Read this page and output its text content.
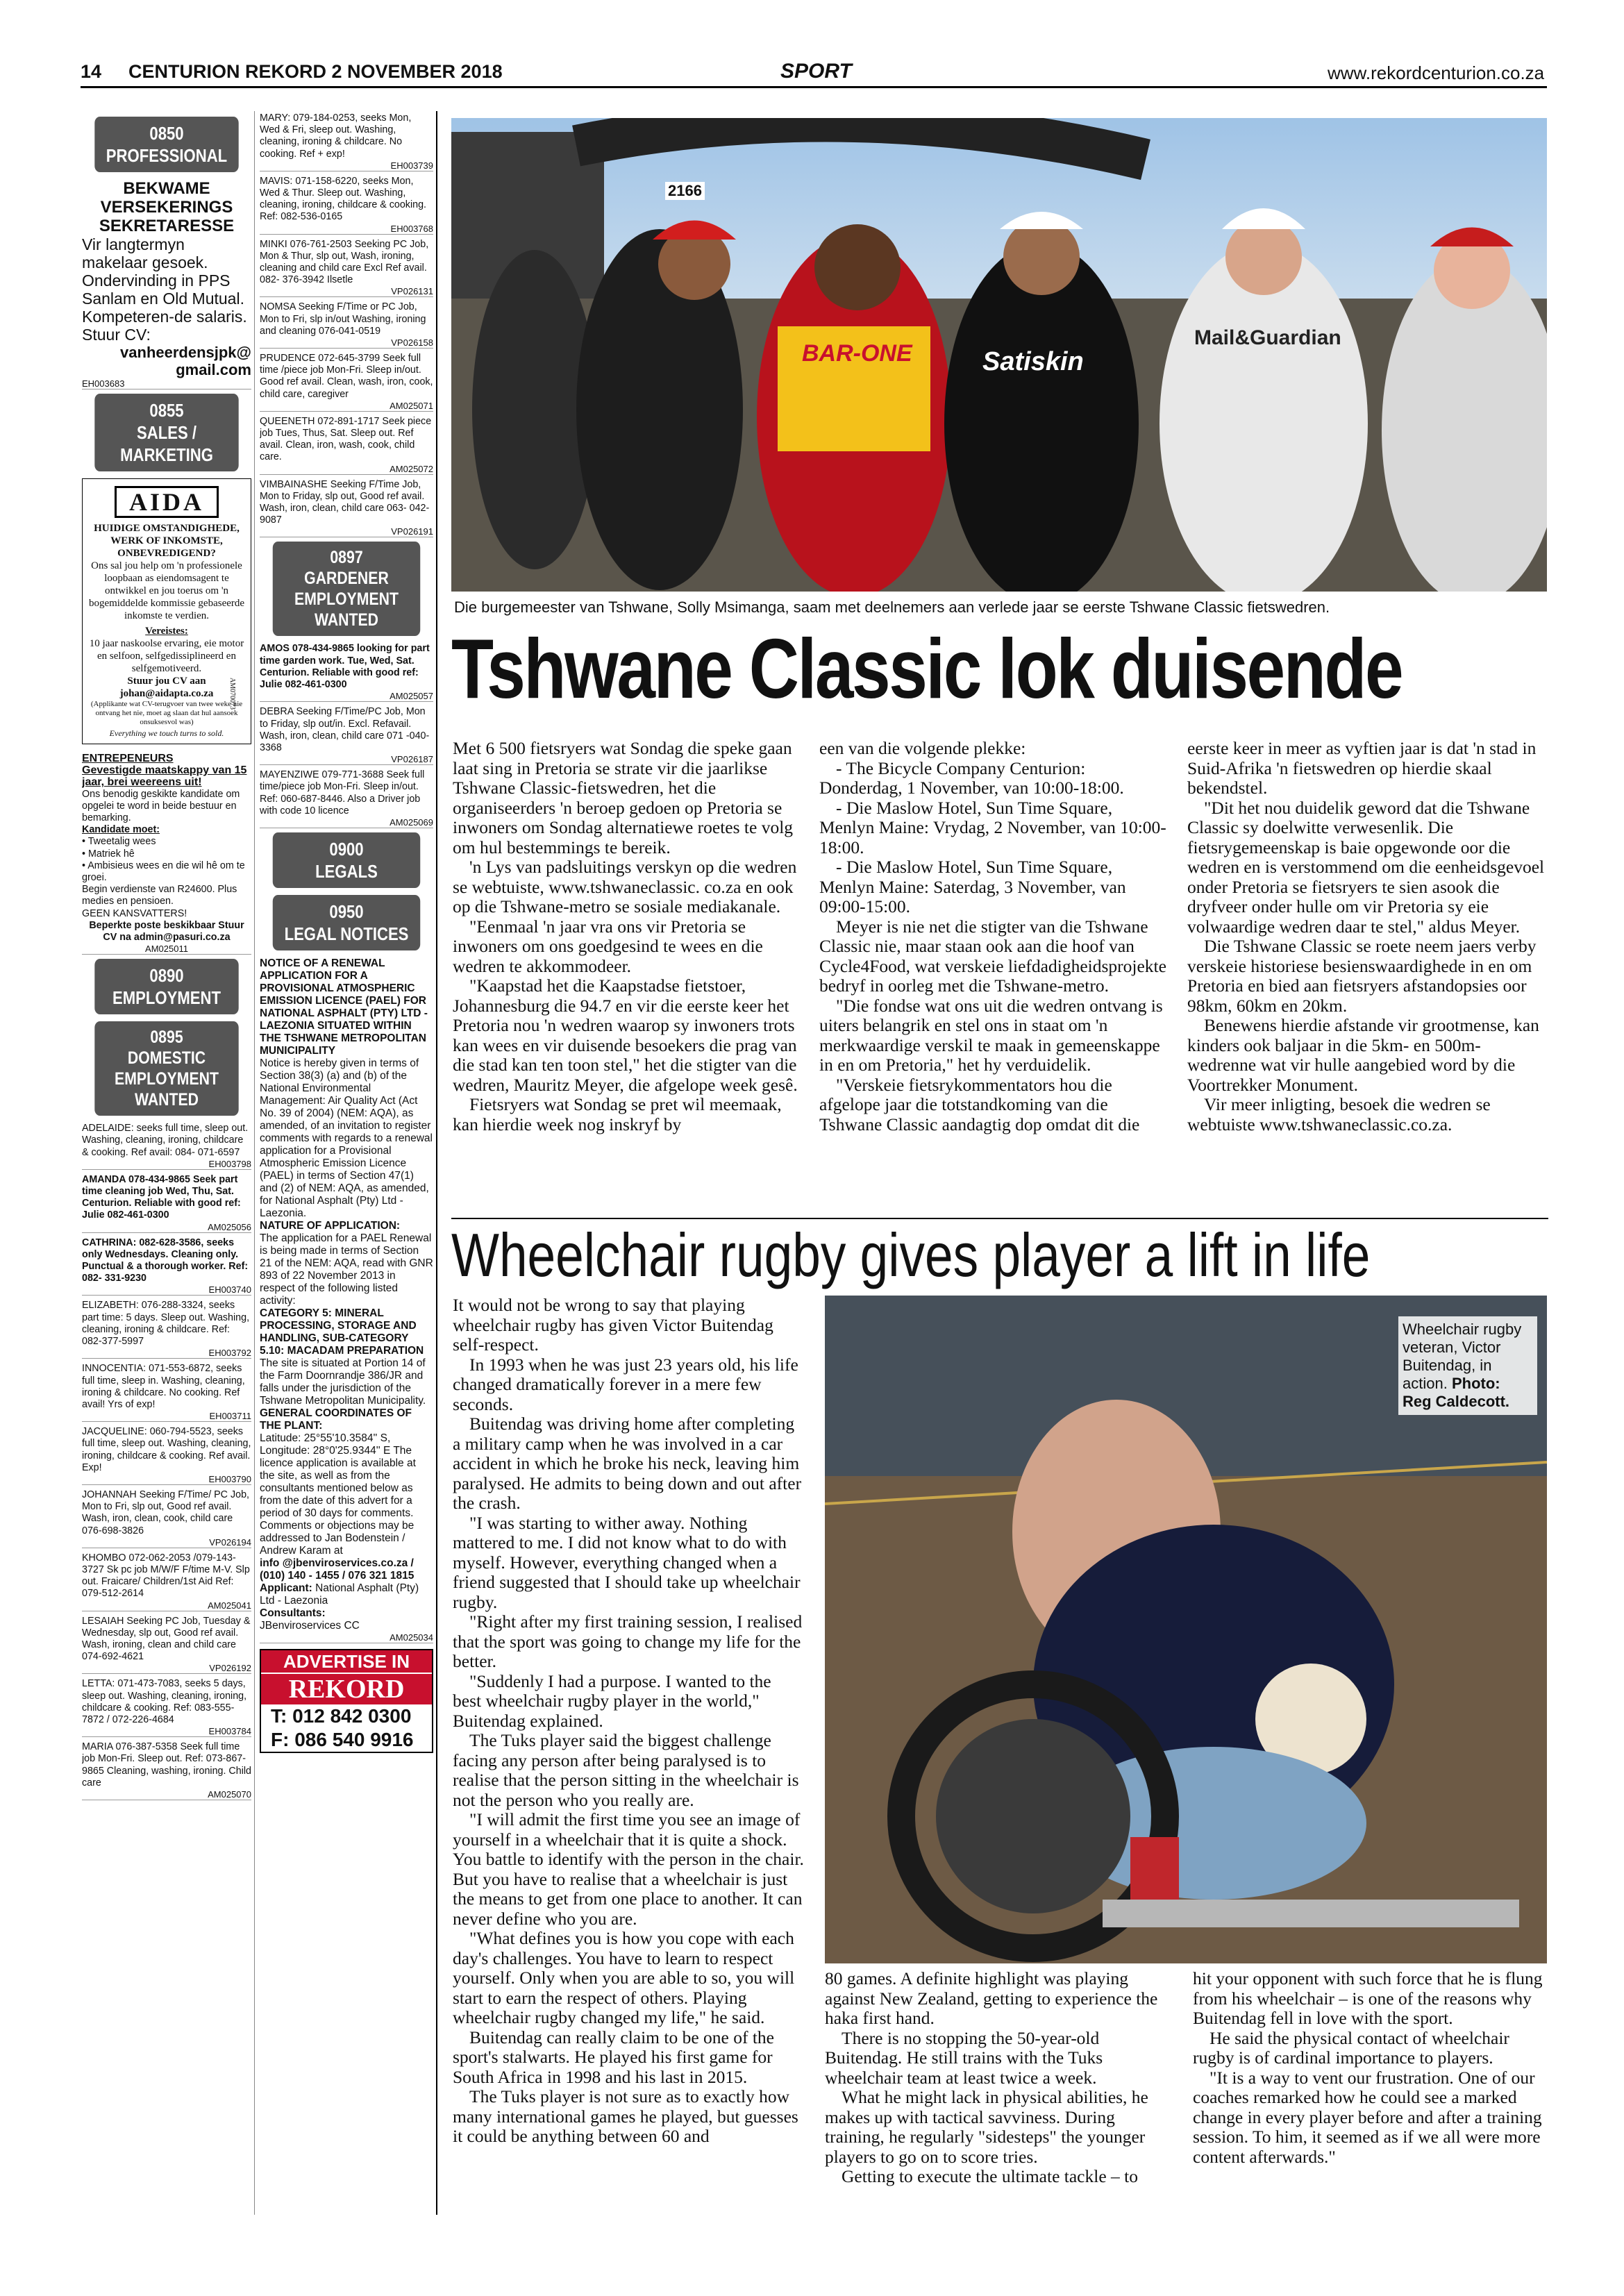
14 CENTURION REKORD 2 NOVEMBER 2018	SPORT	www.rekordcenturion.co.za
0850
PROFESSIONAL
BEKWAME VERSEKERINGS SEKRETARESSE
Vir langtermyn makelaar gesoek. Ondervinding in PPS Sanlam en Old Mutual. Kompeteren-de salaris. Stuur CV:
vanheerdensjpk@ gmail.com
EH003683
0855
SALES / MARKETING
AIDA
HUIDIGE OMSTANDIGHEDE, WERK OF INKOMSTE, ONBEVREDIGEND?
Ons sal jou help om 'n professionele loopbaan as eiendomsagent te ontwikkel en jou toerus om 'n bogemiddelde kommissie gebaseerde inkomste te verdien.
Vereistes:
10 jaar naskoolse ervaring, eie motor en selfoon, selfgedissiplineerd en selfgemotiveerd.
Stuur jou CV aan johan@aidapta.co.za
(Applikante wat CV-terugvoer van twee weke nie ontvang het nie, moet ag slaan dat hul aansoek onsuksesvol was)
Everything we touch turns to sold.
AM070073
ENTREPENEURS
Gevestigde maatskappy van 15 jaar, brei weereens uit!
Ons benodig geskikte kandidate om opgelei te word in beide bestuur en bemarking.
Kandidate moet:
• Tweetalig wees
• Matriek hê
• Ambisieus wees en die wil hê om te groei.
Begin verdienste van R24600. Plus medies en pensioen.
GEEN KANSVATTERS!
Beperkte poste beskikbaar Stuur CV na admin@pasuri.co.za
AM025011
0890
EMPLOYMENT
0895
DOMESTIC EMPLOYMENT WANTED

ADELAIDE: seeks full time, sleep out. Washing, cleaning, ironing, childcare & cooking. Ref avail: 084- 071-6597

EH003798

AMANDA 078-434-9865 Seek part time cleaning job Wed, Thu, Sat. Centurion. Reliable with good ref: Julie 082-461-0300

AM025056

CATHRINA: 082-628-3586, seeks only Wednesdays. Cleaning only. Punctual & a thorough worker. Ref: 082- 331-9230

EH003740

ELIZABETH: 076-288-3324, seeks part time: 5 days. Sleep out. Washing, cleaning, ironing & childcare. Ref: 082-377-5997

EH003792

INNOCENTIA: 071-553-6872, seeks full time, sleep in. Washing, cleaning, ironing & childcare. No cooking. Ref avail! Yrs of exp!

EH003711

JACQUELINE: 060-794-5523, seeks full time, sleep out. Washing, cleaning, ironing, childcare & cooking. Ref avail. Exp!

EH003790

JOHANNAH Seeking F/Time/ PC Job, Mon to Fri, slp out, Good ref avail. Wash, iron, clean, cook, child care 076-698-3826

VP026194

KHOMBO 072-062-2053 /079-143-3727 Sk pc job M/W/F F/time M-V. Slp out. Fraicare/ Children/1st Aid Ref: 079-512-2614

AM025041

LESAIAH Seeking PC Job, Tuesday & Wednesday, slp out, Good ref avail. Wash, ironing, clean and child care 074-692-4621

VP026192

LETTA: 071-473-7083, seeks 5 days, sleep out. Washing, cleaning, ironing, childcare & cooking. Ref: 083-555-7872 / 072-226-4684

EH003784

MARIA 076-387-5358 Seek full time job Mon-Fri. Sleep out. Ref: 073-867-9865 Cleaning, washing, ironing. Child care

AM025070

MARY: 079-184-0253, seeks Mon, Wed & Fri, sleep out. Washing, cleaning, ironing & childcare. No cooking. Ref + exp!

EH003739

MAVIS: 071-158-6220, seeks Mon, Wed & Thur. Sleep out. Washing, cleaning, ironing, childcare & cooking. Ref: 082-536-0165

EH003768

MINKI 076-761-2503 Seeking PC Job, Mon & Thur, slp out, Wash, ironing, cleaning and child care Excl Ref avail. 082- 376-3942 Ilsetle

VP026131

NOMSA Seeking F/Time or PC Job, Mon to Fri, slp in/out Washing, ironing and cleaning 076-041-0519

VP026158

PRUDENCE 072-645-3799 Seek full time /piece job Mon-Fri. Sleep in/out. Good ref avail. Clean, wash, iron, cook, child care, caregiver

AM025071

QUEENETH 072-891-1717 Seek piece job Tues, Thus, Sat. Sleep out. Ref avail. Clean, iron, wash, cook, child care.

AM025072

VIMBAINASHE Seeking F/Time Job, Mon to Friday, slp out, Good ref avail. Wash, iron, clean, child care 063- 042-9087

VP026191
0897
GARDENER EMPLOYMENT WANTED

AMOS 078-434-9865 looking for part time garden work. Tue, Wed, Sat. Centurion. Reliable with good ref: Julie 082-461-0300

AM025057

DEBRA Seeking F/Time/PC Job, Mon to Friday, slp out/in. Excl. Refavail. Wash, iron, clean, child care 071 -040-3368

VP026187

MAYENZIWE 079-771-3688 Seek full time/piece job Mon-Fri. Sleep in/out. Ref: 060-687-8446. Also a Driver job with code 10 licence

AM025069
0900
LEGALS
0950
LEGAL NOTICES
NOTICE OF A RENEWAL APPLICATION FOR A PROVISIONAL ATMOSPHERIC EMISSION LICENCE (PAEL) FOR NATIONAL ASPHALT (PTY) LTD - LAEZONIA SITUATED WITHIN THE TSHWANE METROPOLITAN MUNICIPALITY
Notice is hereby given in terms of Section 38(3) (a) and (b) of the National Environmental Management: Air Quality Act (Act No. 39 of 2004) (NEM: AQA), as amended, of an invitation to register comments with regards to a renewal application for a Provisional Atmospheric Emission Licence (PAEL) in terms of Section 47(1) and (2) of NEM: AQA, as amended, for National Asphalt (Pty) Ltd - Laezonia.
NATURE OF APPLICATION:
The application for a PAEL Renewal is being made in terms of Section 21 of the NEM: AQA, read with GNR 893 of 22 November 2013 in respect of the following listed activity:
CATEGORY 5: MINERAL PROCESSING, STORAGE AND HANDLING, SUB-CATEGORY 5.10: MACADAM PREPARATION
The site is situated at Portion 14 of the Farm Doornrandje 386/JR and falls under the jurisdiction of the Tshwane Metropolitan Municipality.
GENERAL COORDINATES OF THE PLANT:
Latitude: 25°55'10.3584'' S, Longitude: 28°0'25.9344'' E The licence application is available at the site, as well as from the consultants mentioned below as from the date of this advert for a period of 30 days for comments. Comments or objections may be addressed to Jan Bodenstein / Andrew Karam at
info @jbenviroservices.co.za / (010) 140 - 1455 / 076 321 1815
Applicant: National Asphalt (Pty) Ltd - Laezonia
Consultants:
JBenviroservices CC
AM025034
ADVERTISE IN
REKORD
T: 012 842 0300
F: 086 540 9916
BAR-ONE	Satiskin
Mail&Guardian
2166
Die burgemeester van Tshwane, Solly Msimanga, saam met deelnemers aan verlede jaar se eerste Tshwane Classic fietswedren.
Tshwane Classic lok duisende

Met 6 500 fietsryers wat Sondag die speke gaan laat sing in Pretoria se strate vir die jaarlikse Tshwane Classic-fietswedren, het die organiseerders 'n beroep gedoen op Pretoria se inwoners om Sondag alternatiewe roetes te volg om hul bestemmings te bereik.

'n Lys van padsluitings verskyn op die wedren se webtuiste, www.tshwaneclassic. co.za en ook op die Tshwane-metro se sosiale mediakanale.

"Eenmaal 'n jaar vra ons vir Pretoria se inwoners om ons goedgesind te wees en die wedren te akkommodeer.

"Kaapstad het die Kaapstadse fietstoer, Johannesburg die 94.7 en vir die eerste keer het Pretoria nou 'n wedren waarop sy inwoners trots kan wees en vir duisende besoekers die prag van die stad kan ten toon stel," het die stigter van die wedren, Mauritz Meyer, die afgelope week gesê.

Fietsryers wat Sondag se pret wil meemaak, kan hierdie week nog inskryf by

een van die volgende plekke:

- The Bicycle Company Centurion: Donderdag, 1 November, van 10:00-18:00.

- Die Maslow Hotel, Sun Time Square, Menlyn Maine: Vrydag, 2 November, van 10:00-18:00.

- Die Maslow Hotel, Sun Time Square, Menlyn Maine: Saterdag, 3 November, van 09:00-15:00.

Meyer is nie net die stigter van die Tshwane Classic nie, maar staan ook aan die hoof van Cycle4Food, wat verskeie liefdadigheidsprojekte bedryf in oorleg met die Tshwane-metro.

"Die fondse wat ons uit die wedren ontvang is uiters belangrik en stel ons in staat om 'n merkwaardige verskil te maak in gemeenskappe in en om Pretoria," het hy verduidelik.

"Verskeie fietsrykommentators hou die afgelope jaar die totstandkoming van die Tshwane Classic aandagtig dop omdat dit die

eerste keer in meer as vyftien jaar is dat 'n stad in Suid-Afrika 'n fietswedren op hierdie skaal bekendstel.

"Dit het nou duidelik geword dat die Tshwane Classic sy doelwitte verwesenlik. Die fietsrygemeenskap is baie opgewonde oor die wedren en is verstommend om die eenheidsgevoel onder Pretoria se fietsryers te sien asook die dryfveer onder hulle om vir Pretoria sy eie volwaardige wedren daar te stel," aldus Meyer.

Die Tshwane Classic se roete neem jaers verby verskeie historiese besienswaardighede in en om Pretoria en bied aan fietsryers afstandopsies oor 98km, 60km en 20km.

Benewens hierdie afstande vir grootmense, kan kinders ook baljaar in die 5km- en 500m-wedrenne wat vir hulle aangebied word by die Voortrekker Monument.

Vir meer inligting, besoek die wedren se webtuiste www.tshwaneclassic.co.za.

Wheelchair rugby gives player a lift in life
Wheelchair rugby veteran, Victor Buitendag, in action. Photo: Reg Caldecott.

It would not be wrong to say that playing wheelchair rugby has given Victor Buitendag self-respect.

In 1993 when he was just 23 years old, his life changed dramatically forever in a mere few seconds.

Buitendag was driving home after completing a military camp when he was involved in a car accident in which he broke his neck, leaving him paralysed. He admits to being down and out after the crash.

"I was starting to wither away. Nothing mattered to me. I did not know what to do with myself. However, everything changed when a friend suggested that I should take up wheelchair rugby.

"Right after my first training session, I realised that the sport was going to change my life for the better.

"Suddenly I had a purpose. I wanted to the best wheelchair rugby player in the world," Buitendag explained.

The Tuks player said the biggest challenge facing any person after being paralysed is to realise that the person sitting in the wheelchair is not the person who you really are.

"I will admit the first time you see an image of yourself in a wheelchair that it is quite a shock. You battle to identify with the person in the chair. But you have to realise that a wheelchair is just the means to get from one place to another. It can never define who you are.

"What defines you is how you cope with each day's challenges. You have to learn to respect yourself. Only when you are able to so, you will start to earn the respect of others. Playing wheelchair rugby changed my life," he said.

Buitendag can really claim to be one of the sport's stalwarts. He played his first game for South Africa in 1998 and his last in 2015.

The Tuks player is not sure as to exactly how many international games he played, but guesses it could be anything between 60 and

80 games. A definite highlight was playing against New Zealand, getting to experience the haka first hand.

There is no stopping the 50-year-old Buitendag. He still trains with the Tuks wheelchair team at least twice a week.

What he might lack in physical abilities, he makes up with tactical savviness. During training, he regularly "sidesteps" the younger players to go on to score tries.

Getting to execute the ultimate tackle – to

hit your opponent with such force that he is flung from his wheelchair – is one of the reasons why Buitendag fell in love with the sport.

He said the physical contact of wheelchair rugby is of cardinal importance to players.

"It is a way to vent our frustration. One of our coaches remarked how he could see a marked change in every player before and after a training session. To him, it seemed as if we all were more content afterwards."
